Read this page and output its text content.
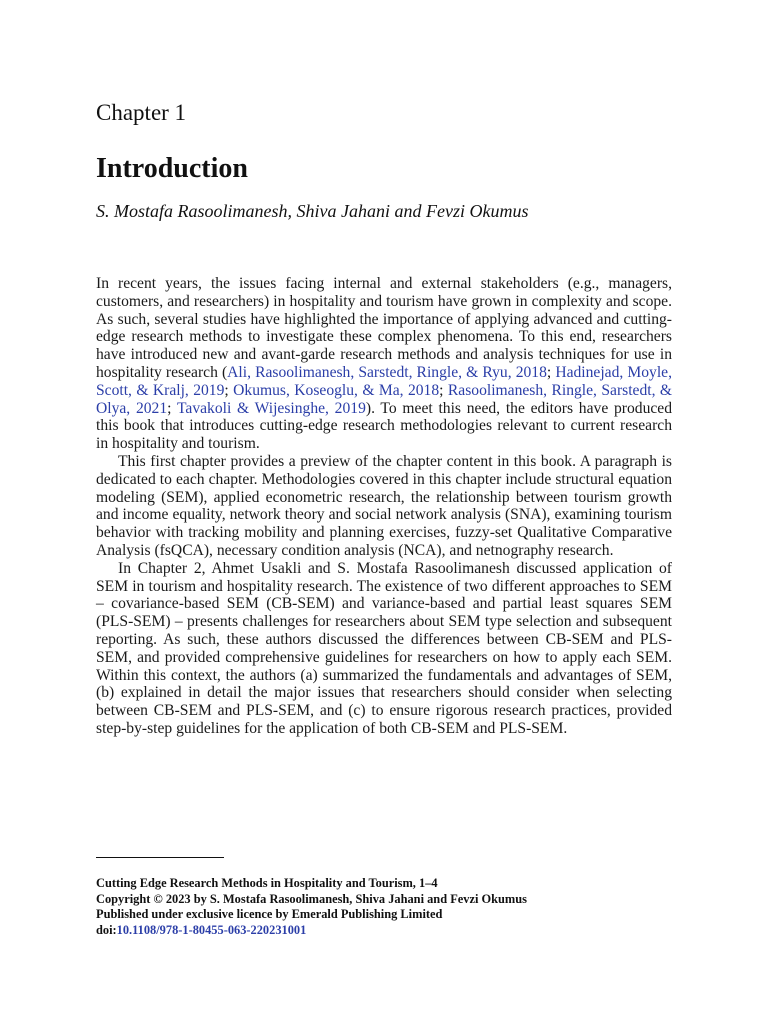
Chapter 1
Introduction
S. Mostafa Rasoolimanesh, Shiva Jahani and Fevzi Okumus

In recent years, the issues facing internal and external stakeholders (e.g., managers, customers, and researchers) in hospitality and tourism have grown in complexity and scope. As such, several studies have highlighted the importance of applying advanced and cutting-edge research methods to investigate these complex phenomena. To this end, researchers have introduced new and avant-garde research methods and analysis techniques for use in hospitality research (Ali, Rasoolimanesh, Sarstedt, Ringle, & Ryu, 2018; Hadinejad, Moyle, Scott, & Kralj, 2019; Okumus, Koseoglu, & Ma, 2018; Rasoolimanesh, Ringle, Sarstedt, & Olya, 2021; Tavakoli & Wijesinghe, 2019). To meet this need, the editors have produced this book that introduces cutting-edge research methodologies relevant to current research in hospitality and tourism.

This first chapter provides a preview of the chapter content in this book. A paragraph is dedicated to each chapter. Methodologies covered in this chapter include structural equation modeling (SEM), applied econometric research, the relationship between tourism growth and income equality, network theory and social network analysis (SNA), examining tourism behavior with tracking mobility and planning exercises, fuzzy-set Qualitative Comparative Analysis (fsQCA), necessary condition analysis (NCA), and netnography research.

In Chapter 2, Ahmet Usakli and S. Mostafa Rasoolimanesh discussed application of SEM in tourism and hospitality research. The existence of two different approaches to SEM – covariance-based SEM (CB-SEM) and variance-based and partial least squares SEM (PLS-SEM) – presents challenges for researchers about SEM type selection and subsequent reporting. As such, these authors discussed the differences between CB-SEM and PLS-SEM, and provided comprehensive guidelines for researchers on how to apply each SEM. Within this context, the authors (a) summarized the fundamentals and advantages of SEM, (b) explained in detail the major issues that researchers should consider when selecting between CB-SEM and PLS-SEM, and (c) to ensure rigorous research practices, provided step-by-step guidelines for the application of both CB-SEM and PLS-SEM.

Cutting Edge Research Methods in Hospitality and Tourism, 1–4
Copyright © 2023 by S. Mostafa Rasoolimanesh, Shiva Jahani and Fevzi Okumus
Published under exclusive licence by Emerald Publishing Limited
doi:10.1108/978-1-80455-063-220231001
